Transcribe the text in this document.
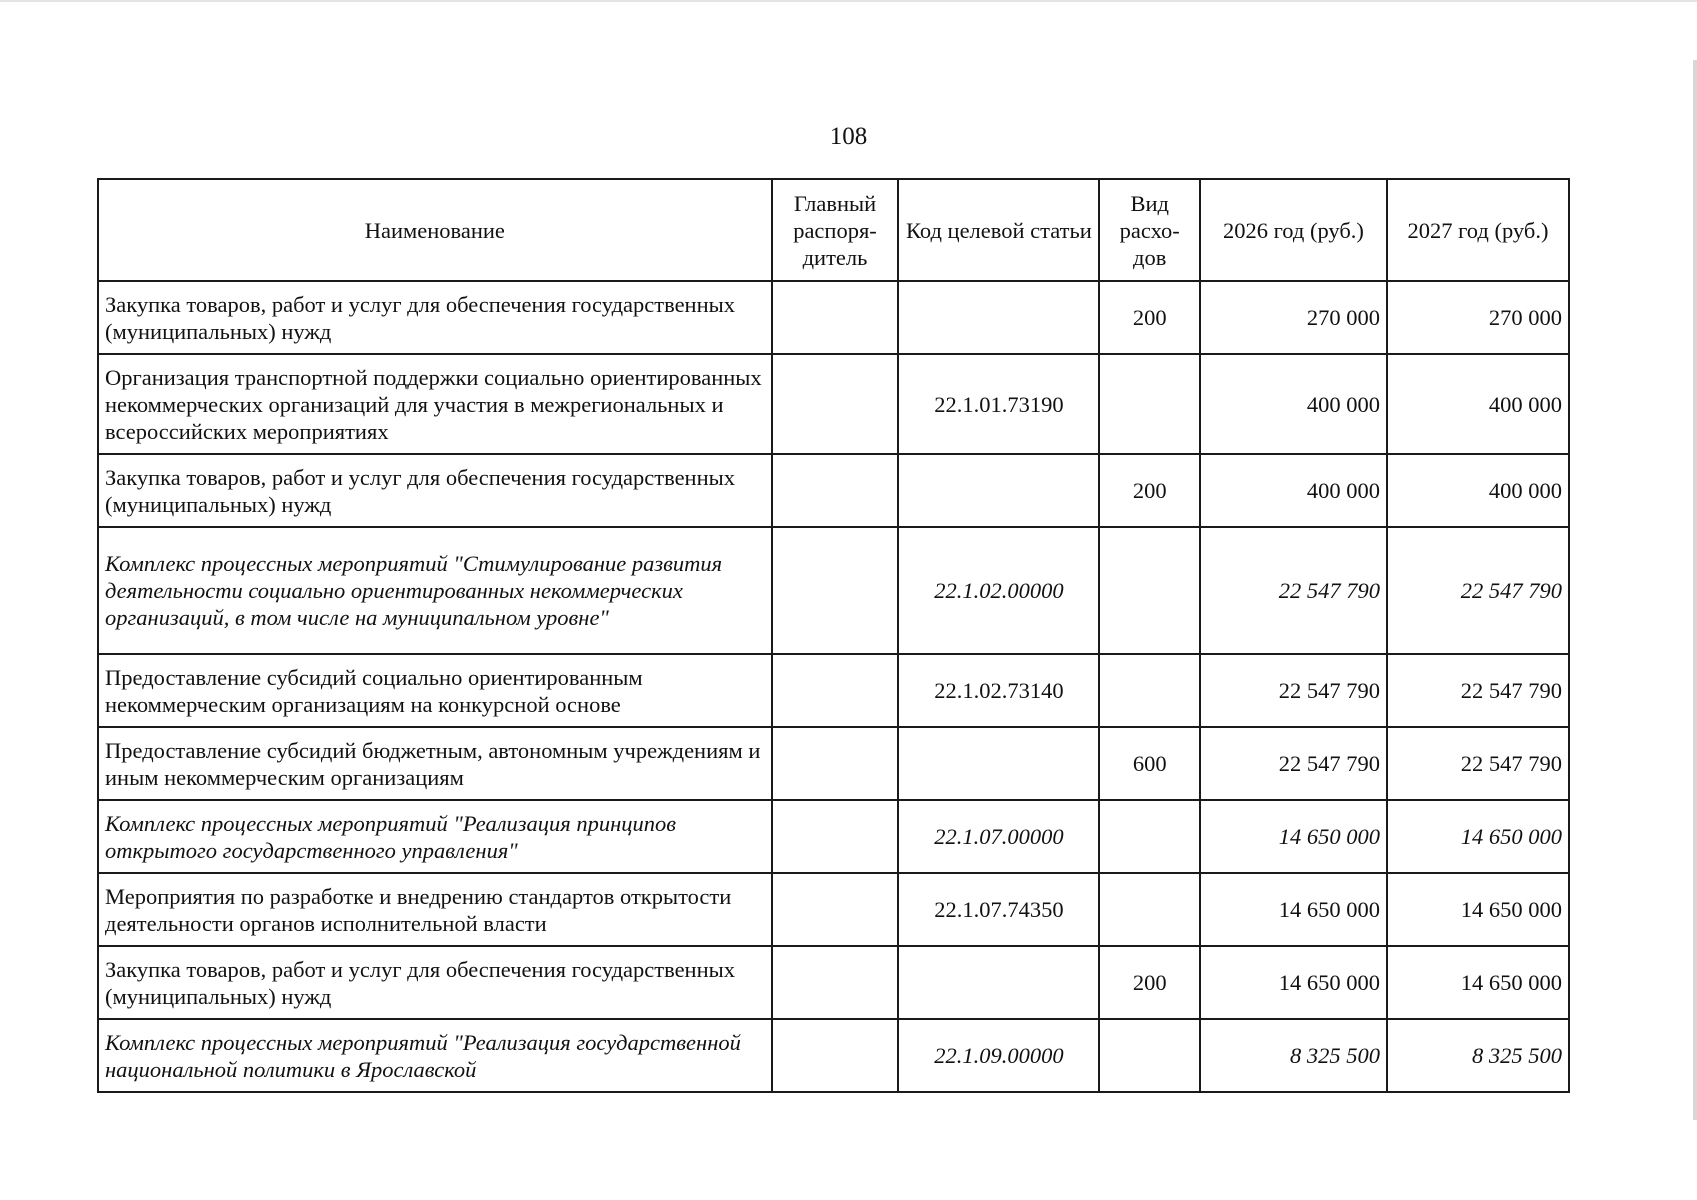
108
Наименование	Главный распоря-дитель	Код целевой статьи	Вид расхо-дов	2026 год (руб.)	2027 год (руб.)
Закупка товаров, работ и услуг для обеспечения государственных (муниципальных) нужд			200	270 000	270 000
Организация транспортной поддержки социально ориентированных некоммерческих организаций для участия в межрегиональных и всероссийских мероприятиях		22.1.01.73190		400 000	400 000
Закупка товаров, работ и услуг для обеспечения государственных (муниципальных) нужд			200	400 000	400 000
Комплекс процессных мероприятий "Стимулирование развития деятельности социально ориентированных некоммерческих организаций, в том числе на муниципальном уровне"		22.1.02.00000		22 547 790	22 547 790
Предоставление субсидий социально ориентированным некоммерческим организациям на конкурсной основе		22.1.02.73140		22 547 790	22 547 790
Предоставление субсидий бюджетным, автономным учреждениям и иным некоммерческим организациям			600	22 547 790	22 547 790
Комплекс процессных мероприятий "Реализация принципов открытого государственного управления"		22.1.07.00000		14 650 000	14 650 000
Мероприятия по разработке и внедрению стандартов открытости деятельности органов исполнительной власти		22.1.07.74350		14 650 000	14 650 000
Закупка товаров, работ и услуг для обеспечения государственных (муниципальных) нужд			200	14 650 000	14 650 000
Комплекс процессных мероприятий "Реализация государственной национальной политики в Ярославской		22.1.09.00000		8 325 500	8 325 500
